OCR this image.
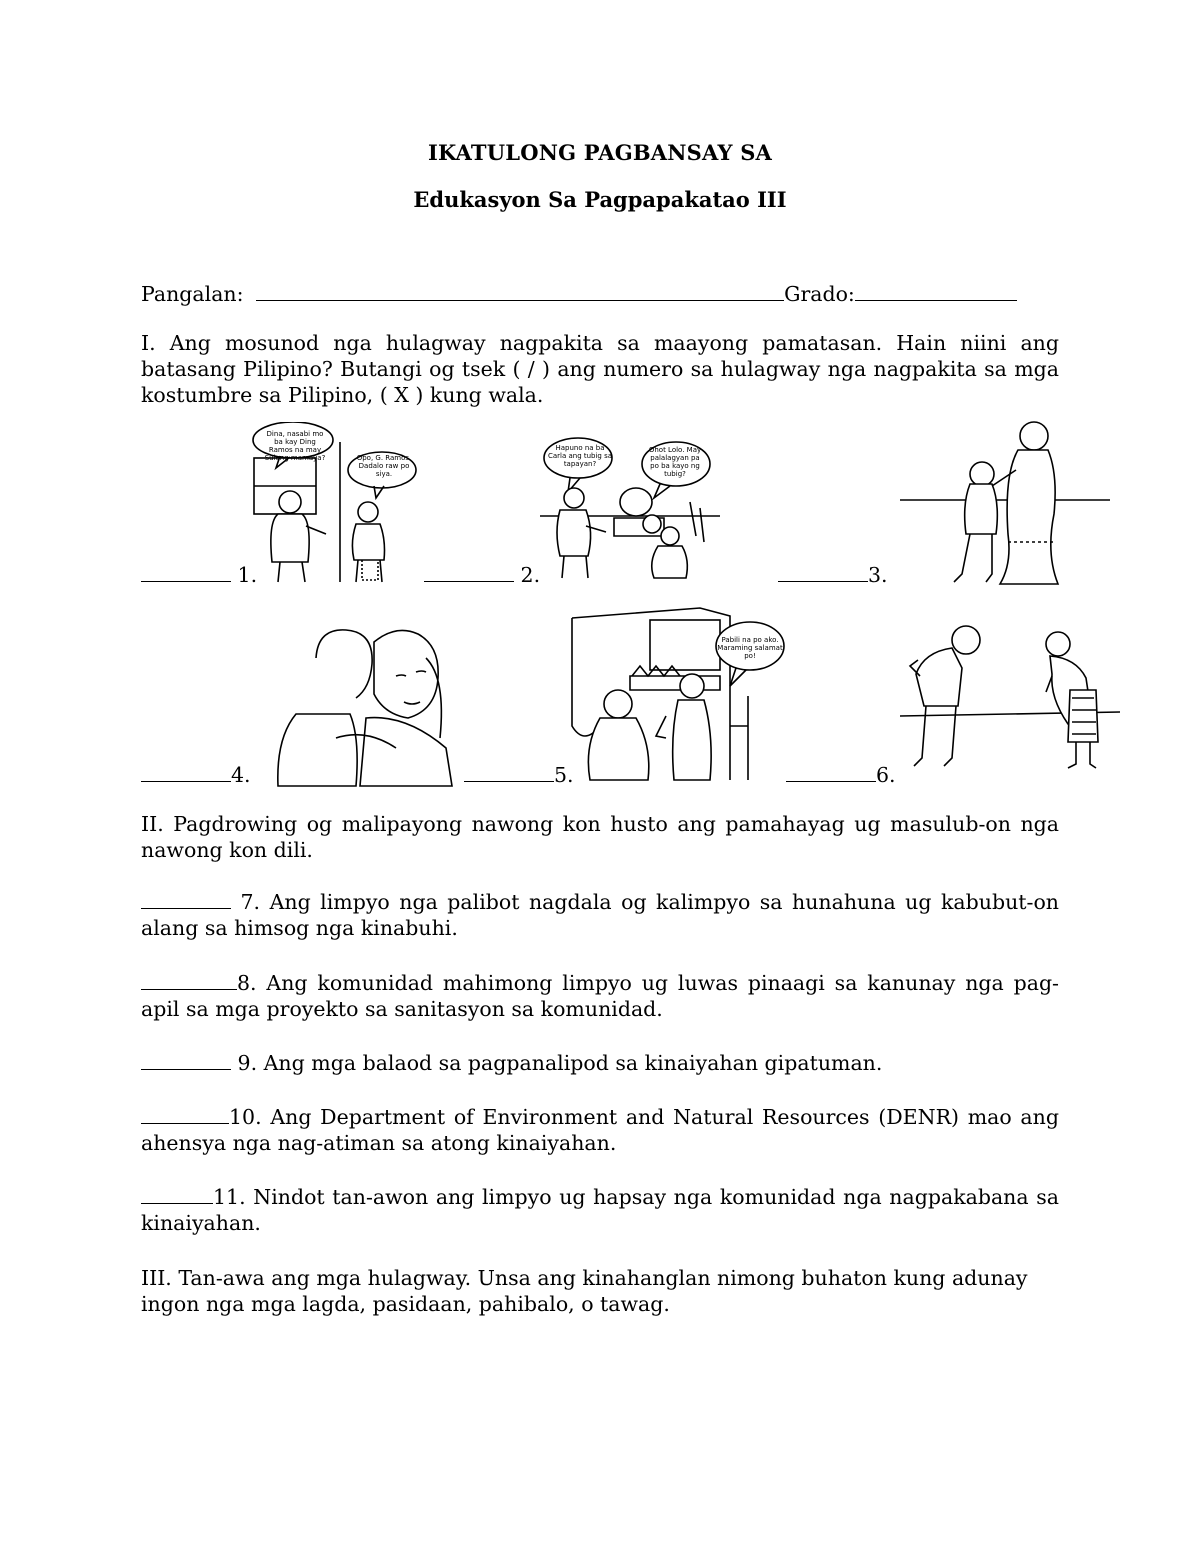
IKATULONG PAGBANSAY SA
Edukasyon Sa Pagpapakatao III
Pangalan:	Grado:
I. Ang mosunod nga hulagway nagpakita sa maayong pamatasan. Hain niini ang batasang Pilipino? Butangi og tsek ( / ) ang numero sa hulagway nga nagpakita sa mga kostumbre sa Pilipino, ( X ) kung wala.
Dina, nasabi mo ba kay Ding Ramos na may Sulong mamaya?	Opo, G. Ramos. Dadalo raw po siya.
Hapuno na ba Carla ang tubig sa tapayan?
Ohot Lolo. May palalagyan pa po ba kayo ng tubig?
1.	2.	3.
Pabili na po ako. Maraming salamat po!
4.	5.	6.
II. Pagdrowing og malipayong nawong kon husto ang pamahayag ug masulub-on nga nawong kon dili.
7. Ang limpyo nga palibot nagdala og kalimpyo sa hunahuna ug kabubut-on alang sa himsog nga kinabuhi.
8. Ang komunidad mahimong limpyo ug luwas pinaagi sa kanunay nga pag-apil sa mga proyekto sa sanitasyon sa komunidad.
9. Ang mga balaod sa pagpanalipod sa kinaiyahan gipatuman.
10. Ang Department of Environment and Natural Resources (DENR) mao ang ahensya nga nag-atiman sa atong kinaiyahan.
11. Nindot tan-awon ang limpyo ug hapsay nga komunidad nga nagpakabana sa kinaiyahan.
III. Tan-awa ang mga hulagway. Unsa ang kinahanglan nimong buhaton kung adunay ingon nga mga lagda, pasidaan, pahibalo, o tawag.
